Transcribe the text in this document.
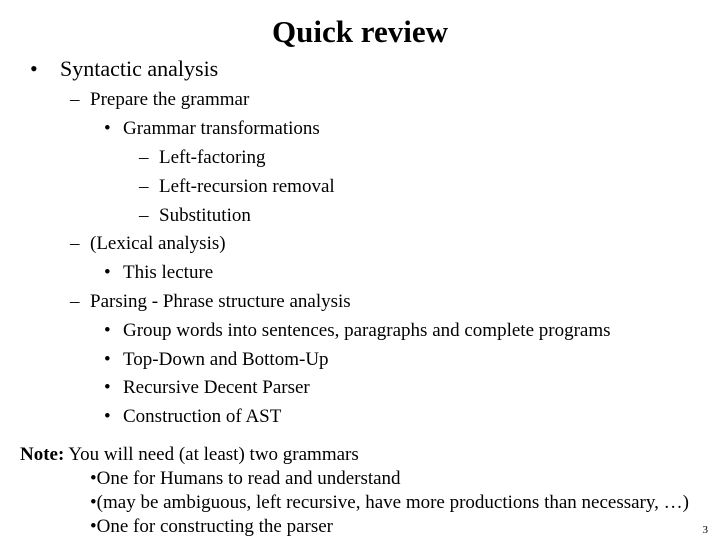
Quick review
• Syntactic analysis
– Prepare the grammar
• Grammar transformations
– Left-factoring
– Left-recursion removal
– Substitution
– (Lexical analysis)
• This lecture
– Parsing - Phrase structure analysis
• Group words into sentences, paragraphs and complete programs
• Top-Down and Bottom-Up
• Recursive Decent Parser
• Construction of AST
Note: You will need (at least) two grammars
•One for Humans to read and understand
•(may be ambiguous, left recursive, have more productions than necessary, …)
•One for constructing the parser	3
